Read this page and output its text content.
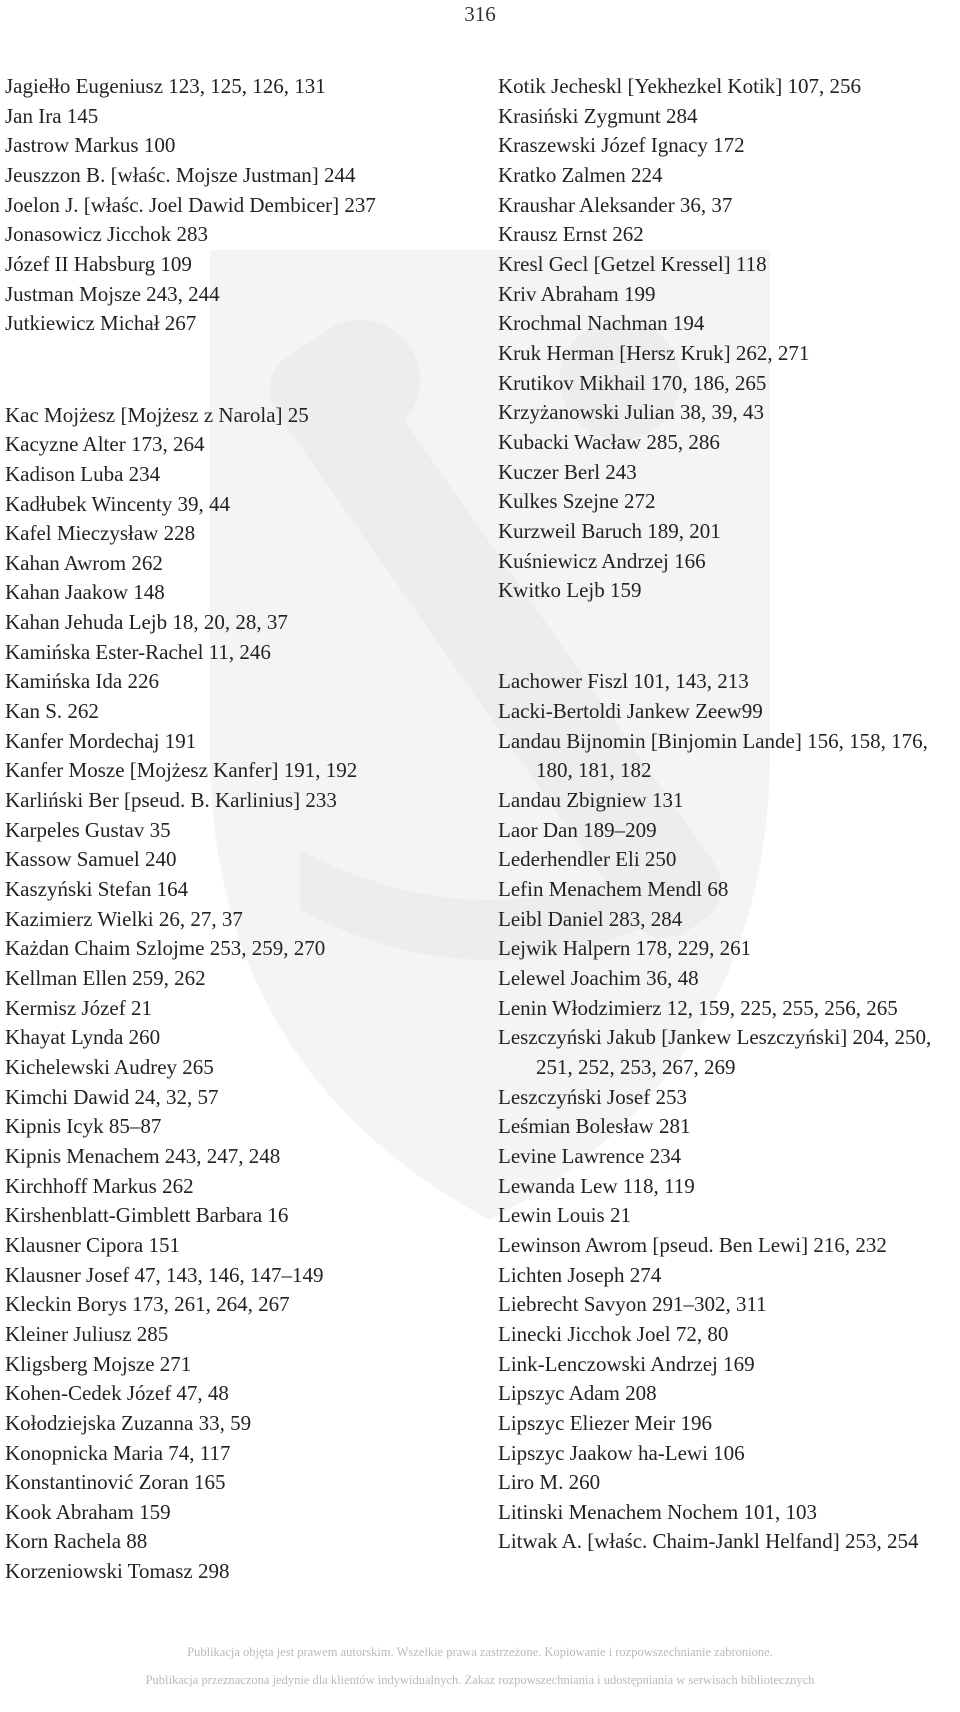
316

Jagiełło Eugeniusz 123, 125, 126, 131

Jan Ira 145

Jastrow Markus 100

Jeuszzon B. [właśc. Mojsze Justman] 244

Joelon J. [właśc. Joel Dawid Dembicer] 237

Jonasowicz Jicchok 283

Józef II Habsburg 109

Justman Mojsze 243, 244

Jutkiewicz Michał 267

Kac Mojżesz [Mojżesz z Narola] 25

Kacyzne Alter 173, 264

Kadison Luba 234

Kadłubek Wincenty 39, 44

Kafel Mieczysław 228

Kahan Awrom 262

Kahan Jaakow 148

Kahan Jehuda Lejb 18, 20, 28, 37

Kamińska Ester-Rachel 11, 246

Kamińska Ida 226

Kan S. 262

Kanfer Mordechaj 191

Kanfer Mosze [Mojżesz Kanfer] 191, 192

Karliński Ber [pseud. B. Karlinius] 233

Karpeles Gustav 35

Kassow Samuel 240

Kaszyński Stefan 164

Kazimierz Wielki 26, 27, 37

Każdan Chaim Szlojme 253, 259, 270

Kellman Ellen 259, 262

Kermisz Józef 21

Khayat Lynda 260

Kichelewski Audrey 265

Kimchi Dawid 24, 32, 57

Kipnis Icyk 85–87

Kipnis Menachem 243, 247, 248

Kirchhoff Markus 262

Kirshenblatt-Gimblett Barbara 16

Klausner Cipora 151

Klausner Josef 47, 143, 146, 147–149

Kleckin Borys 173, 261, 264, 267

Kleiner Juliusz 285

Kligsberg Mojsze 271

Kohen-Cedek Józef 47, 48

Kołodziejska Zuzanna 33, 59

Konopnicka Maria 74, 117

Konstantinović Zoran 165

Kook Abraham 159

Korn Rachela 88

Korzeniowski Tomasz 298

Kotik Jecheskl [Yekhezkel Kotik] 107, 256

Krasiński Zygmunt 284

Kraszewski Józef Ignacy 172

Kratko Zalmen 224

Kraushar Aleksander 36, 37

Krausz Ernst 262

Kresl Gecl [Getzel Kressel] 118

Kriv Abraham 199

Krochmal Nachman 194

Kruk Herman [Hersz Kruk] 262, 271

Krutikov Mikhail 170, 186, 265

Krzyżanowski Julian 38, 39, 43

Kubacki Wacław 285, 286

Kuczer Berl 243

Kulkes Szejne 272

Kurzweil Baruch 189, 201

Kuśniewicz Andrzej 166

Kwitko Lejb 159

Lachower Fiszl 101, 143, 213

Lacki-Bertoldi Jankew Zeew99

Landau Bijnomin [Binjomin Lande] 156, 158, 176, 180, 181, 182

Landau Zbigniew 131

Laor Dan 189–209

Lederhendler Eli 250

Lefin Menachem Mendl 68

Leibl Daniel 283, 284

Lejwik Halpern 178, 229, 261

Lelewel Joachim 36, 48

Lenin Włodzimierz 12, 159, 225, 255, 256, 265

Leszczyński Jakub [Jankew Leszczyński] 204, 250, 251, 252, 253, 267, 269

Leszczyński Josef 253

Leśmian Bolesław 281

Levine Lawrence 234

Lewanda Lew 118, 119

Lewin Louis 21

Lewinson Awrom [pseud. Ben Lewi] 216, 232

Lichten Joseph 274

Liebrecht Savyon 291–302, 311

Linecki Jicchok Joel 72, 80

Link-Lenczowski Andrzej 169

Lipszyc Adam 208

Lipszyc Eliezer Meir 196

Lipszyc Jaakow ha-Lewi 106

Liro M. 260

Litinski Menachem Nochem 101, 103

Litwak A. [właśc. Chaim-Jankl Helfand] 253, 254

Publikacja objęta jest prawem autorskim. Wszelkie prawa zastrzeżone. Kopiowanie i rozpowszechnianie zabronione.
Publikacja przeznaczona jedynie dla klientów indywidualnych. Zakaz rozpowszechniania i udostępniania w serwisach bibliotecznych
